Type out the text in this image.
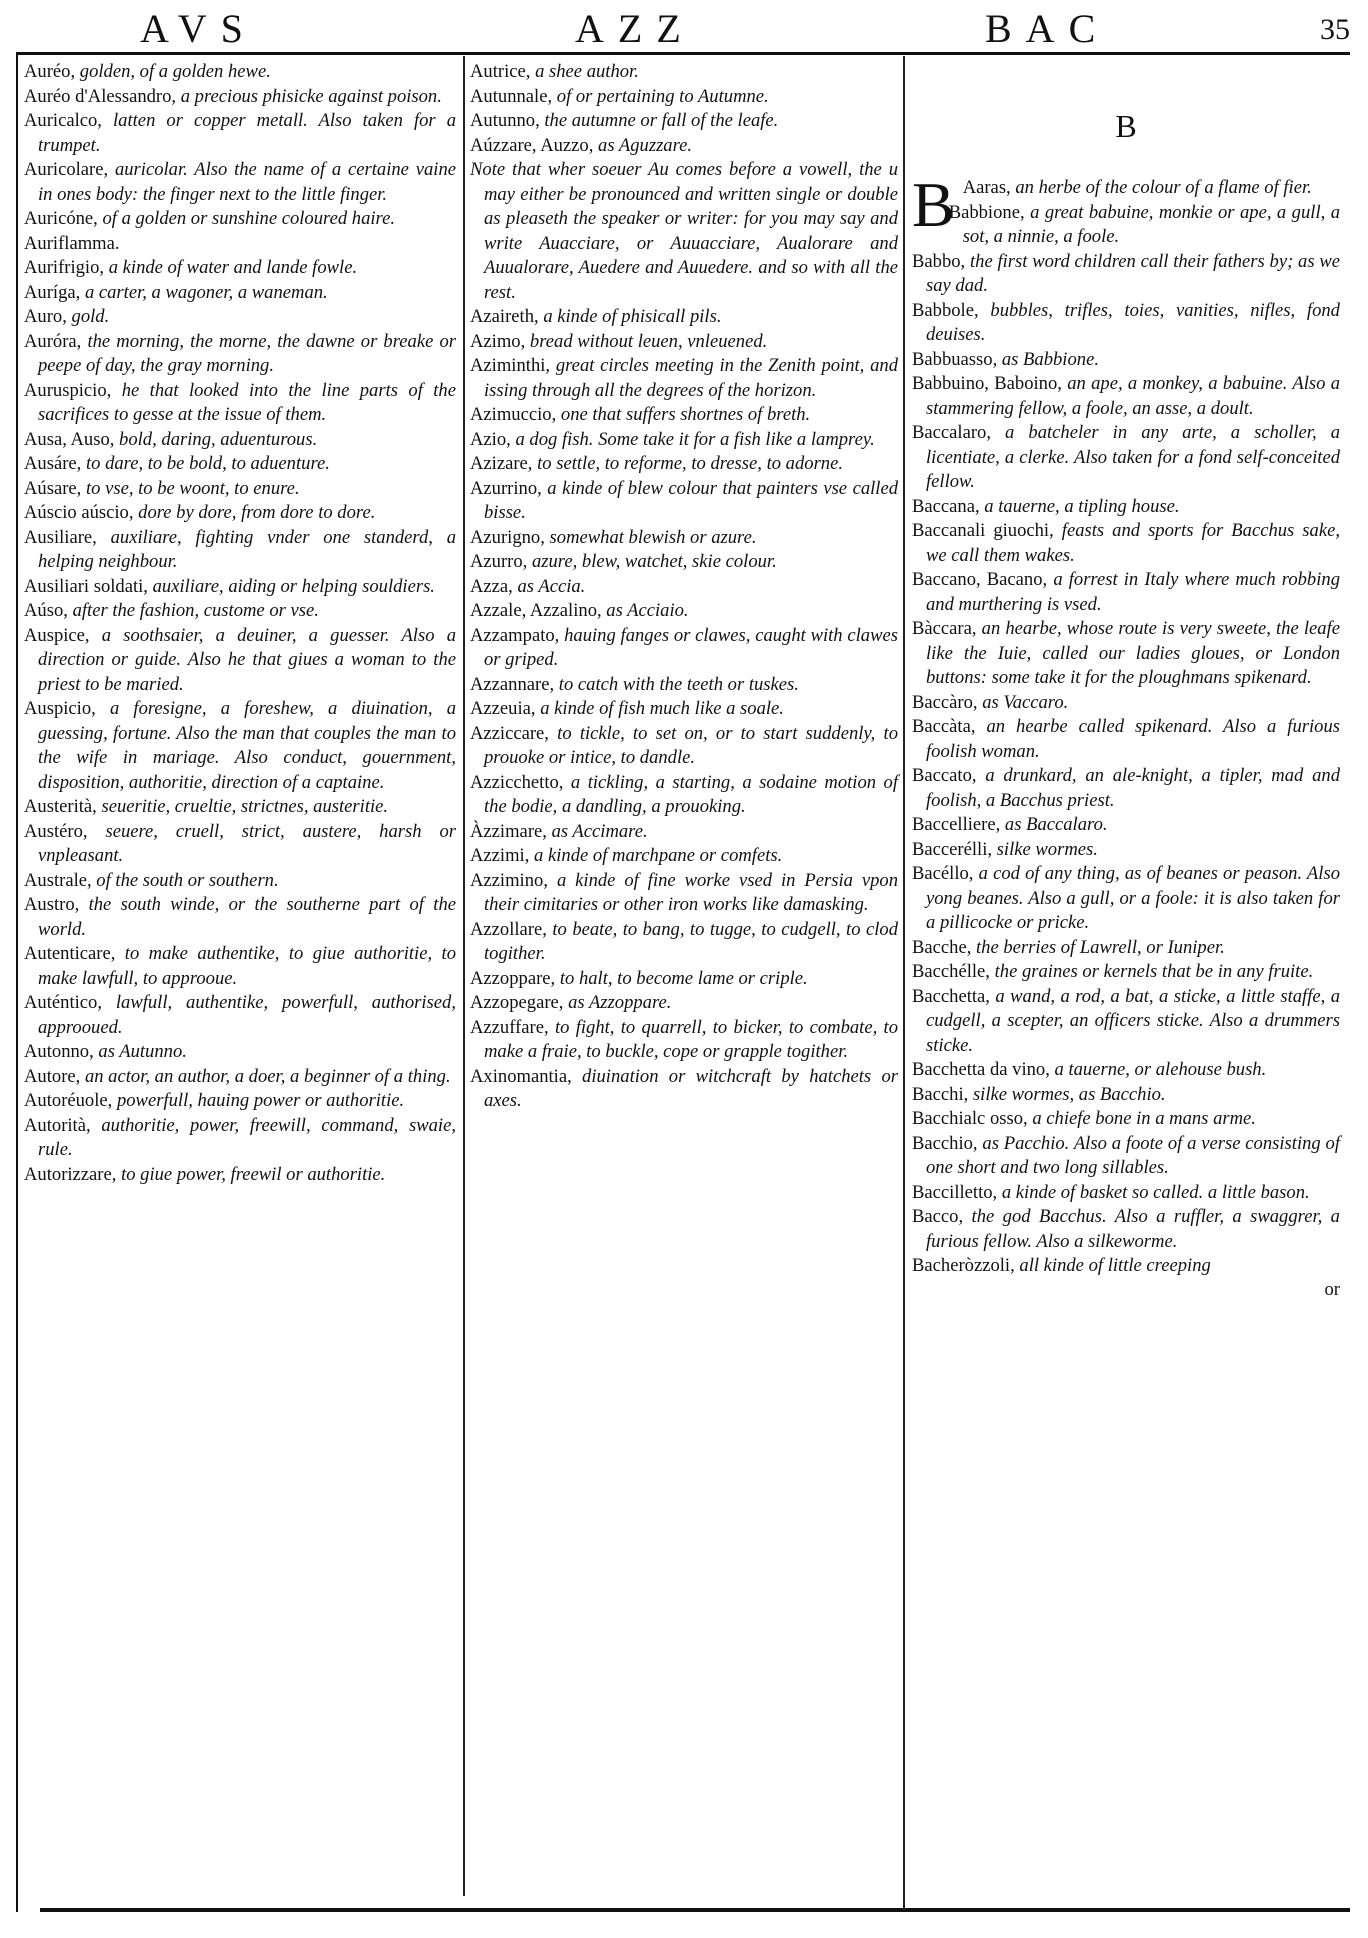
AVS	AZZ	BAC	35

Auréo, golden, of a golden hewe.

Auréo d'Alessandro, a precious phisicke against poison.

Auricalco, latten or copper metall. Also taken for a trumpet.

Auricolare, auricolar. Also the name of a certaine vaine in ones body: the finger next to the little finger.

Auricóne, of a golden or sunshine coloured haire.

Auriflamma.

Aurifrigio, a kinde of water and lande fowle.

Auríga, a carter, a wagoner, a waneman.

Auro, gold.

Auróra, the morning, the morne, the dawne or breake or peepe of day, the gray morning.

Auruspicio, he that looked into the line parts of the sacrifices to gesse at the issue of them.

Ausa, Auso, bold, daring, aduenturous.

Ausáre, to dare, to be bold, to aduenture.

Aúsare, to vse, to be woont, to enure.

Aúscio aúscio, dore by dore, from dore to dore.

Ausiliare, auxiliare, fighting vnder one standerd, a helping neighbour.

Ausiliari soldati, auxiliare, aiding or helping souldiers.

Aúso, after the fashion, custome or vse.

Auspice, a soothsaier, a deuiner, a guesser. Also a direction or guide. Also he that giues a woman to the priest to be maried.

Auspicio, a foresigne, a foreshew, a diuination, a guessing, fortune. Also the man that couples the man to the wife in mariage. Also conduct, gouernment, disposition, authoritie, direction of a captaine.

Austerità, seueritie, crueltie, strictnes, austeritie.

Austéro, seuere, cruell, strict, austere, harsh or vnpleasant.

Australe, of the south or southern.

Austro, the south winde, or the southerne part of the world.

Autenticare, to make authentike, to giue authoritie, to make lawfull, to approoue.

Auténtico, lawfull, authentike, powerfull, authorised, approoued.

Autonno, as Autunno.

Autore, an actor, an author, a doer, a beginner of a thing.

Autoréuole, powerfull, hauing power or authoritie.

Autorità, authoritie, power, freewill, command, swaie, rule.

Autorizzare, to giue power, freewil or authoritie.

Autrice, a shee author.

Autunnale, of or pertaining to Autumne.

Autunno, the autumne or fall of the leafe.

Aúzzare, Auzzo, as Aguzzare.

Note that wher soeuer Au comes before a vowell, the u may either be pronounced and written single or double as pleaseth the speaker or writer: for you may say and write Auacciare, or Auuacciare, Aualorare and Auualorare, Auedere and Auuedere. and so with all the rest.

Azaireth, a kinde of phisicall pils.

Azimo, bread without leuen, vnleuened.

Aziminthi, great circles meeting in the Zenith point, and issing through all the degrees of the horizon.

Azimuccio, one that suffers shortnes of breth.

Azio, a dog fish. Some take it for a fish like a lamprey.

Azizare, to settle, to reforme, to dresse, to adorne.

Azurrino, a kinde of blew colour that painters vse called bisse.

Azurigno, somewhat blewish or azure.

Azurro, azure, blew, watchet, skie colour.

Azza, as Accia.

Azzale, Azzalino, as Acciaio.

Azzampato, hauing fanges or clawes, caught with clawes or griped.

Azzannare, to catch with the teeth or tuskes.

Azzeuia, a kinde of fish much like a soale.

Azziccare, to tickle, to set on, or to start suddenly, to prouoke or intice, to dandle.

Azzicchetto, a tickling, a starting, a sodaine motion of the bodie, a dandling, a prouoking.

Àzzimare, as Accimare.

Azzimi, a kinde of marchpane or comfets.

Azzimino, a kinde of fine worke vsed in Persia vpon their cimitaries or other iron works like damasking.

Azzollare, to beate, to bang, to tugge, to cudgell, to clod togither.

Azzoppare, to halt, to become lame or criple.

Azzopegare, as Azzoppare.

Azzuffare, to fight, to quarrell, to bicker, to combate, to make a fraie, to buckle, cope or grapple togither.

Axinomantia, diuination or witchcraft by hatchets or axes.

B

B Aaras, an herbe of the colour of a flame of fier.

Babbione, a great babuine, monkie or ape, a gull, a sot, a ninnie, a foole.

Babbo, the first word children call their fathers by; as we say dad.

Babbole, bubbles, trifles, toies, vanities, nifles, fond deuises.

Babbuasso, as Babbione.

Babbuino, Baboino, an ape, a monkey, a babuine. Also a stammering fellow, a foole, an asse, a doult.

Baccalaro, a batcheler in any arte, a scholler, a licentiate, a clerke. Also taken for a fond self-conceited fellow.

Baccana, a tauerne, a tipling house.

Baccanali giuochi, feasts and sports for Bacchus sake, we call them wakes.

Baccano, Bacano, a forrest in Italy where much robbing and murthering is vsed.

Bàccara, an hearbe, whose route is very sweete, the leafe like the Iuie, called our ladies gloues, or London buttons: some take it for the ploughmans spikenard.

Baccàro, as Vaccaro.

Baccàta, an hearbe called spikenard. Also a furious foolish woman.

Baccato, a drunkard, an ale-knight, a tipler, mad and foolish, a Bacchus priest.

Baccelliere, as Baccalaro.

Baccerélli, silke wormes.

Bacéllo, a cod of any thing, as of beanes or peason. Also yong beanes. Also a gull, or a foole: it is also taken for a pillicocke or pricke.

Bacche, the berries of Lawrell, or Iuniper.

Bacchélle, the graines or kernels that be in any fruite.

Bacchetta, a wand, a rod, a bat, a sticke, a little staffe, a cudgell, a scepter, an officers sticke. Also a drummers sticke.

Bacchetta da vino, a tauerne, or alehouse bush.

Bacchi, silke wormes, as Bacchio.

Bacchialc osso, a chiefe bone in a mans arme.

Bacchio, as Pacchio. Also a foote of a verse consisting of one short and two long sillables.

Baccilletto, a kinde of basket so called. a little bason.

Bacco, the god Bacchus. Also a ruffler, a swaggrer, a furious fellow. Also a silkeworme.

Bacheròzzoli, all kinde of little creeping

or
